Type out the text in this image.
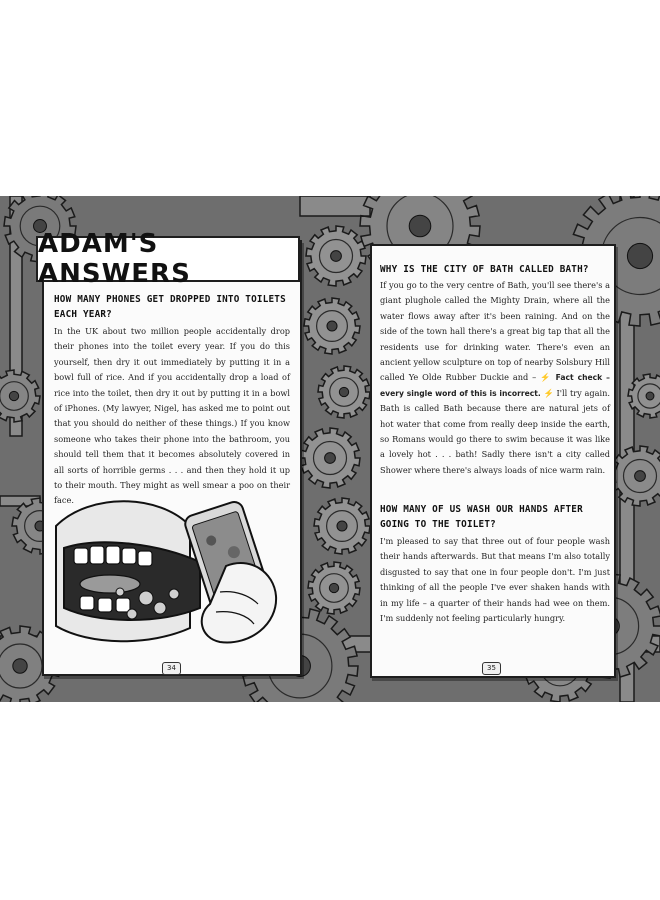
ADAM'S ANSWERS
HOW MANY PHONES GET DROPPED INTO TOILETS EACH YEAR?
In the UK about two million people accidentally drop their phones into the toilet every year. If you do this yourself, then dry it out immediately by putting it in a bowl full of rice. And if you accidentally drop a load of rice into the toilet, then dry it out by putting it in a bowl of iPhones. (My lawyer, Nigel, has asked me to point out that you should do neither of these things.) If you know someone who takes their phone into the bathroom, you should tell them that it becomes absolutely covered in all sorts of horrible germs . . . and then they hold it up to their mouth. They might as well smear a poo on their face.
34
WHY IS THE CITY OF BATH CALLED BATH?
If you go to the very centre of Bath, you'll see there's a giant plughole called the Mighty Drain, where all the water flows away after it's been raining. And on the side of the town hall there's a great big tap that all the residents use for drinking water. There's even an ancient yellow sculpture on top of nearby Solsbury Hill called Ye Olde Rubber Duckie and – ⚡ Fact check – every single word of this is incorrect. ⚡ I'll try again. Bath is called Bath because there are natural jets of hot water that come from really deep inside the earth, so Romans would go there to swim because it was like a lovely hot . . . bath! Sadly there isn't a city called Shower where there's always loads of nice warm rain.
HOW MANY OF US WASH OUR HANDS AFTER GOING TO THE TOILET?
I'm pleased to say that three out of four people wash their hands afterwards. But that means I'm also totally disgusted to say that one in four people don't. I'm just thinking of all the people I've ever shaken hands with in my life – a quarter of their hands had wee on them. I'm suddenly not feeling particularly hungry.
35
